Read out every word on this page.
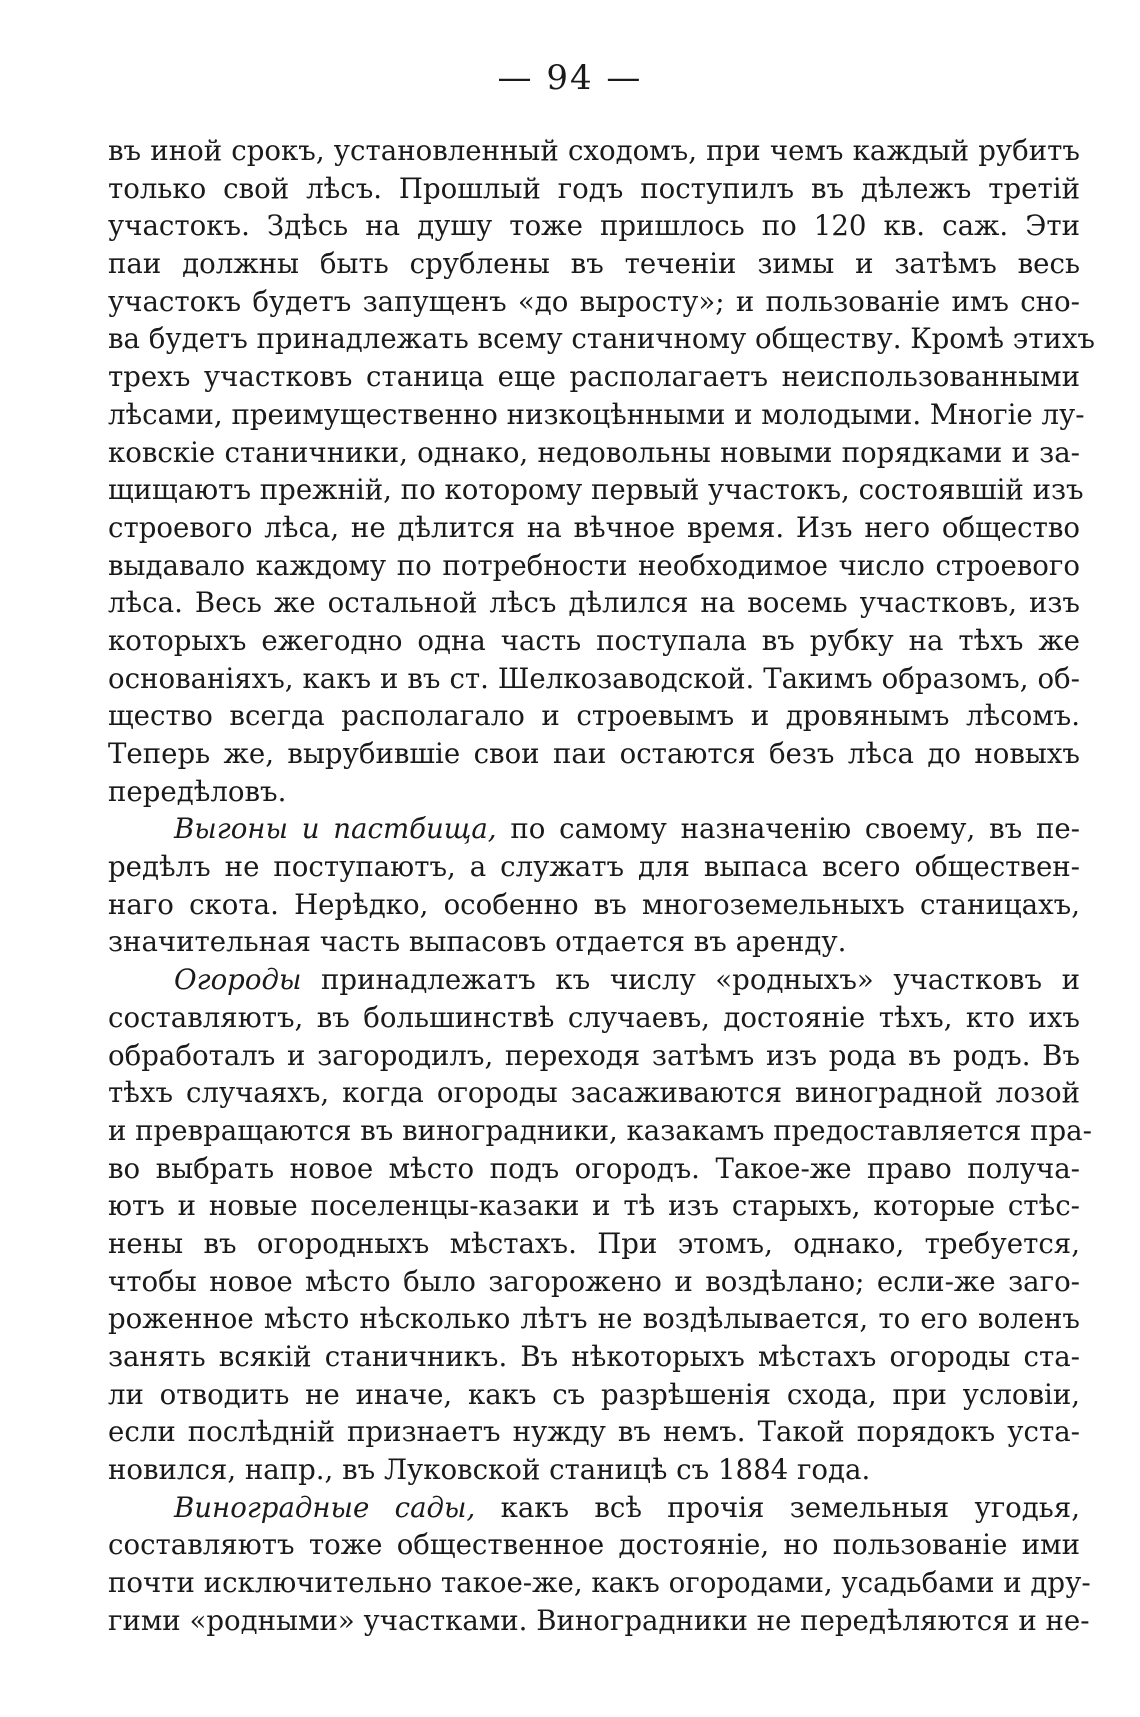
— 94 —
въ иной срокъ, установленный сходомъ, при чемъ каждый рубитъ
только свой лѣсъ. Прошлый годъ поступилъ въ дѣлежъ третій
участокъ. Здѣсь на душу тоже пришлось по 120 кв. саж. Эти
паи должны быть срублены въ теченіи зимы и затѣмъ весь
участокъ будетъ запущенъ «до выросту»; и пользованіе имъ сно-
ва будетъ принадлежать всему станичному обществу. Кромѣ этихъ
трехъ участковъ станица еще располагаетъ неиспользованными
лѣсами, преимущественно низкоцѣнными и молодыми. Многіе лу-
ковскіе станичники, однако, недовольны новыми порядками и за-
щищаютъ прежній, по которому первый участокъ, состоявшій изъ
строевого лѣса, не дѣлится на вѣчное время. Изъ него общество
выдавало каждому по потребности необходимое число строевого
лѣса. Весь же остальной лѣсъ дѣлился на восемь участковъ, изъ
которыхъ ежегодно одна часть поступала въ рубку на тѣхъ же
основаніяхъ, какъ и въ ст. Шелкозаводской. Такимъ образомъ, об-
щество всегда располагало и строевымъ и дровянымъ лѣсомъ.
Теперь же, вырубившіе свои паи остаются безъ лѣса до новыхъ
передѣловъ.
Выгоны и пастбища, по самому назначенію своему, въ пе-
редѣлъ не поступаютъ, а служатъ для выпаса всего обществен-
наго скота. Нерѣдко, особенно въ многоземельныхъ станицахъ,
значительная часть выпасовъ отдается въ аренду.
Огороды принадлежатъ къ числу «родныхъ» участковъ и
составляютъ, въ большинствѣ случаевъ, достояніе тѣхъ, кто ихъ
обработалъ и загородилъ, переходя затѣмъ изъ рода въ родъ. Въ
тѣхъ случаяхъ, когда огороды засаживаются виноградной лозой
и превращаются въ виноградники, казакамъ предоставляется пра-
во выбрать новое мѣсто подъ огородъ. Такое-же право получа-
ютъ и новые поселенцы-казаки и тѣ изъ старыхъ, которые стѣс-
нены въ огородныхъ мѣстахъ. При этомъ, однако, требуется,
чтобы новое мѣсто было загорожено и воздѣлано; если-же заго-
роженное мѣсто нѣсколько лѣтъ не воздѣлывается, то его воленъ
занять всякій станичникъ. Въ нѣкоторыхъ мѣстахъ огороды ста-
ли отводить не иначе, какъ съ разрѣшенія схода, при условіи,
если послѣдній признаетъ нужду въ немъ. Такой порядокъ уста-
новился, напр., въ Луковской станицѣ съ 1884 года.
Виноградные сады, какъ всѣ прочія земельныя угодья,
составляютъ тоже общественное достояніе, но пользованіе ими
почти исключительно такое-же, какъ огородами, усадьбами и дру-
гими «родными» участками. Виноградники не передѣляются и не-
